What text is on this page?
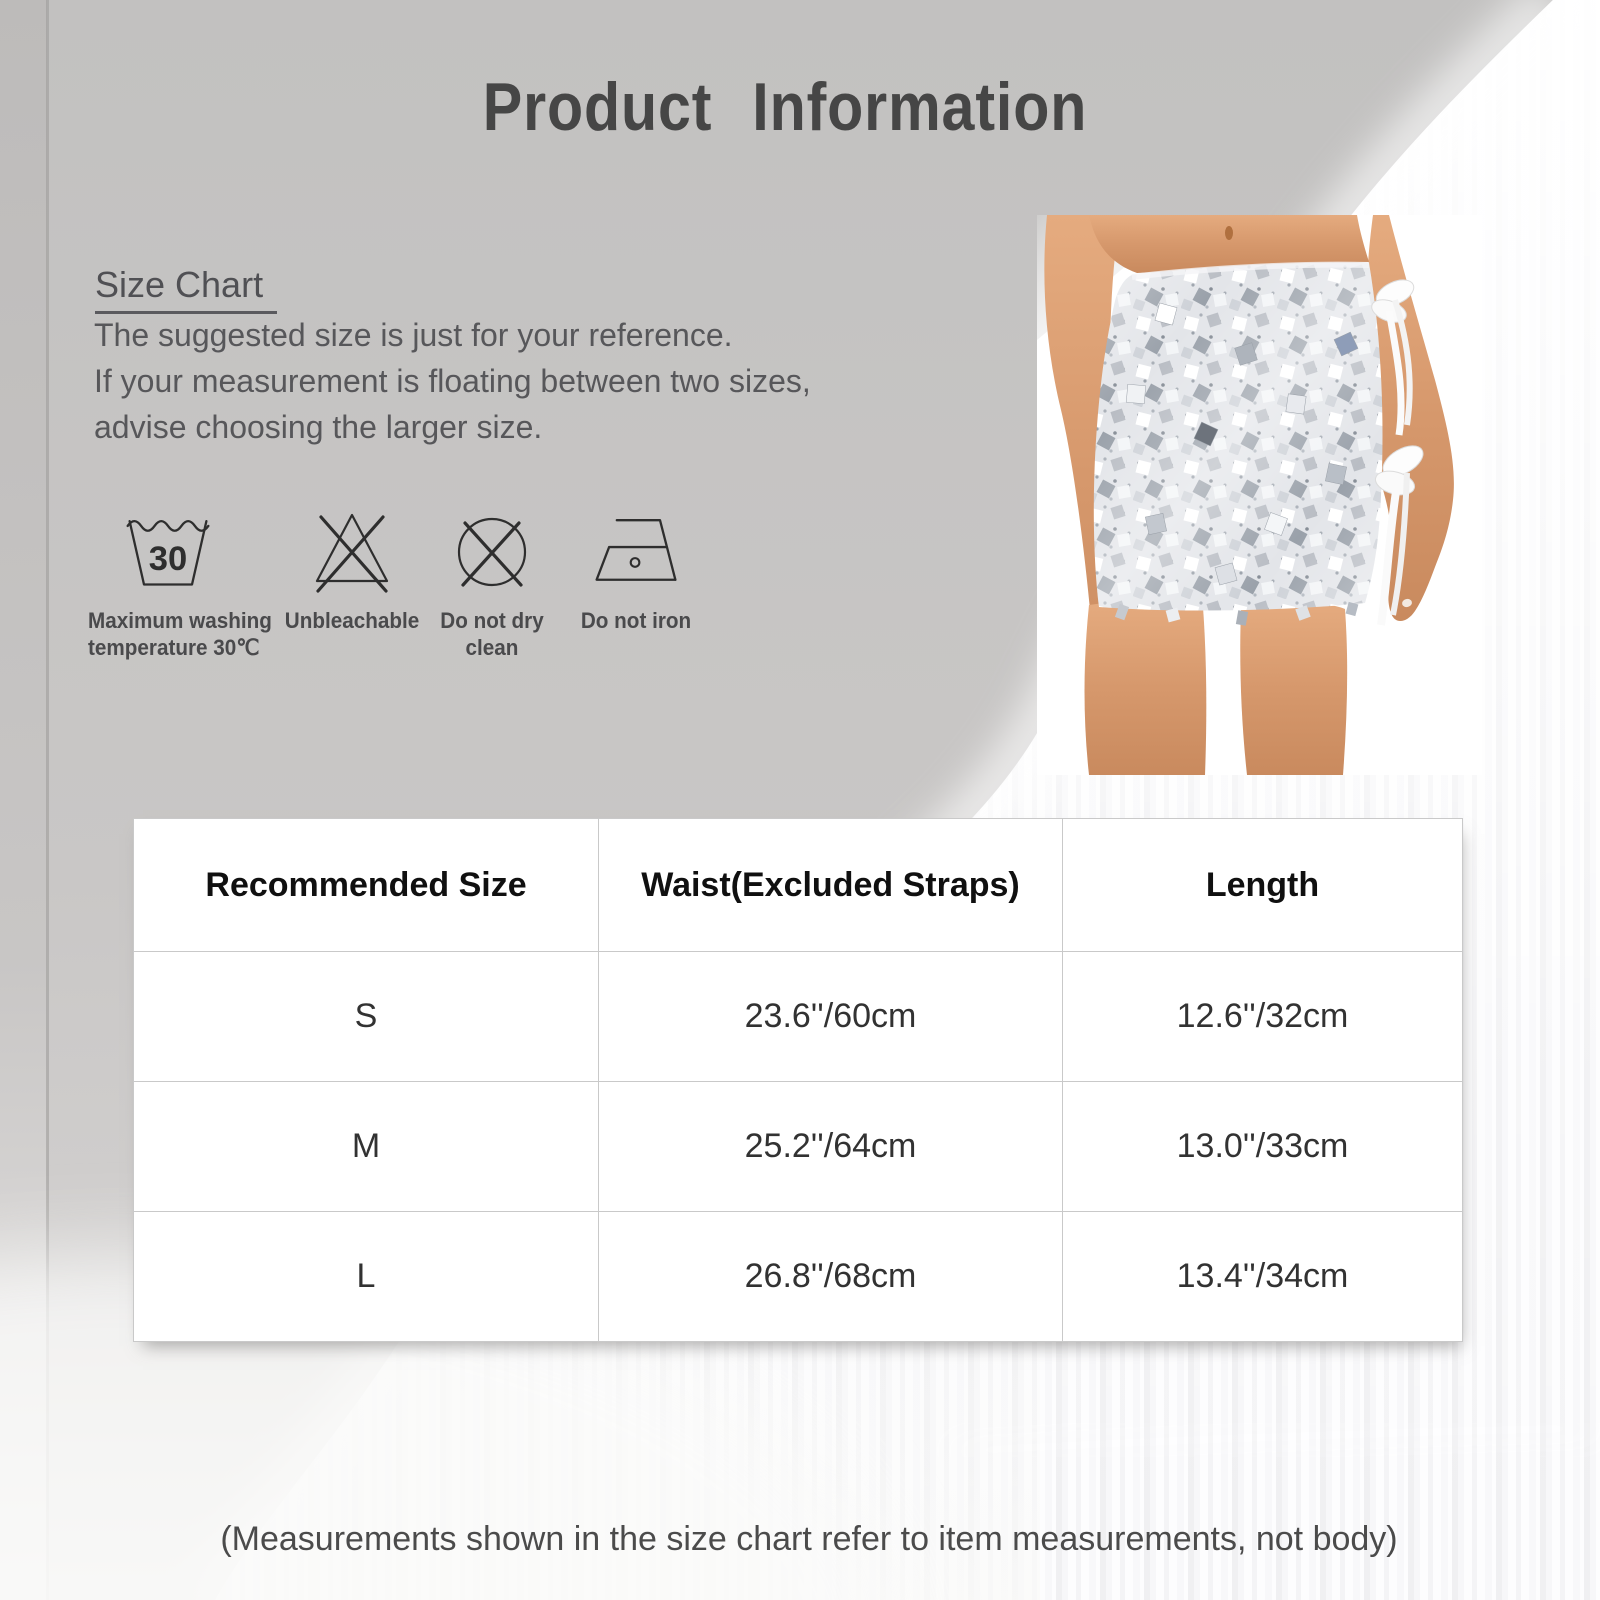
Product Information
Size Chart
The suggested size is just for your reference.
If your measurement is floating between two sizes,
advise choosing the larger size.
30
Maximum washing temperature 30℃
Unbleachable Do not dry clean
Do not iron
Recommended Size	Waist(Excluded Straps)	Length
S	23.6''/60cm	12.6''/32cm
M	25.2''/64cm	13.0''/33cm
L	26.8''/68cm	13.4''/34cm
(Measurements shown in the size chart refer to item measurements, not body)
